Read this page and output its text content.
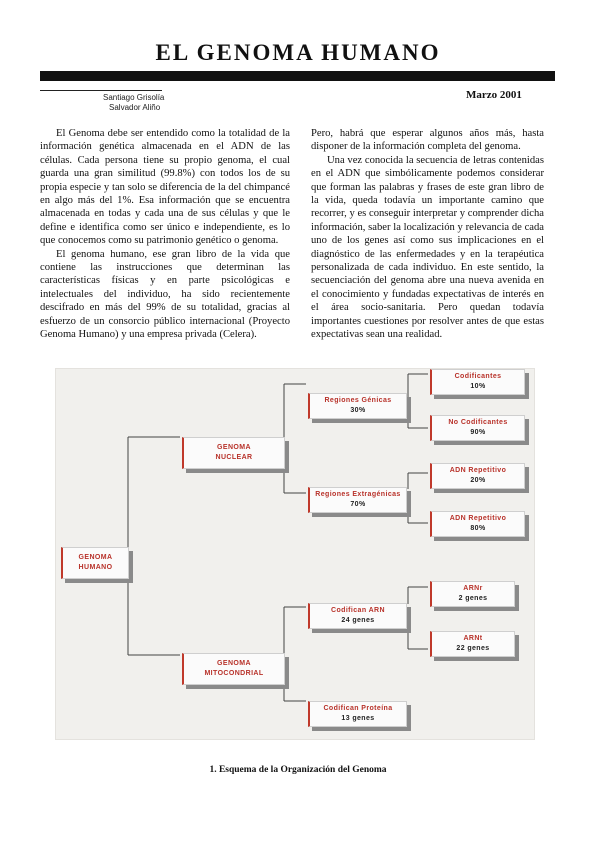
EL GENOMA HUMANO
Santiago Grisolía
Salvador Aliño
Marzo 2001

El Genoma debe ser entendido como la totalidad de la información genética almacenada en el ADN de las células. Cada persona tiene su propio genoma, el cual guarda una gran similitud (99.8%) con todos los de su propia especie y tan solo se diferencia de la del chimpancé en algo más del 1%. Esa información que se encuentra almacenada en todas y cada una de sus células y que le define e identifica como ser único e independiente, es lo que conocemos como su patrimonio genético o genoma.

El genoma humano, ese gran libro de la vida que contiene las instrucciones que determinan las características físicas y en parte psicológicas e intelectuales del individuo, ha sido recientemente descifrado en más del 99% de su totalidad, gracias al esfuerzo de un consorcio público internacional (Proyecto Genoma Humano) y una empresa privada (Celera).

Pero, habrá que esperar algunos años más, hasta disponer de la información completa del genoma.

Una vez conocida la secuencia de letras contenidas en el ADN que simbólicamente podemos considerar que forman las palabras y frases de este gran libro de la vida, queda todavía un importante camino que recorrer, y es conseguir interpretar y comprender dicha información, saber la localización y relevancia de cada uno de los genes así como sus implicaciones en el diagnóstico de las enfermedades y en la terapéutica personalizada de cada individuo. En este sentido, la secuenciación del genoma abre una nueva avenida en el conocimiento y fundadas expectativas de interés en el área socio-sanitaria. Pero quedan todavía importantes cuestiones por resolver antes de que estas expectativas sean una realidad.

GENOMA
HUMANO
GENOMA
NUCLEAR
GENOMA
MITOCONDRIAL
Regiones Génicas
30%
Regiones Extragénicas
70%
Codifican ARN
24 genes
Codifican Proteína
13 genes
Codificantes
10%
No Codificantes
90%
ADN Repetitivo
20%
ADN Repetitivo
80%
ARNr
2 genes
ARNt
22 genes
1. Esquema de la Organización del Genoma
